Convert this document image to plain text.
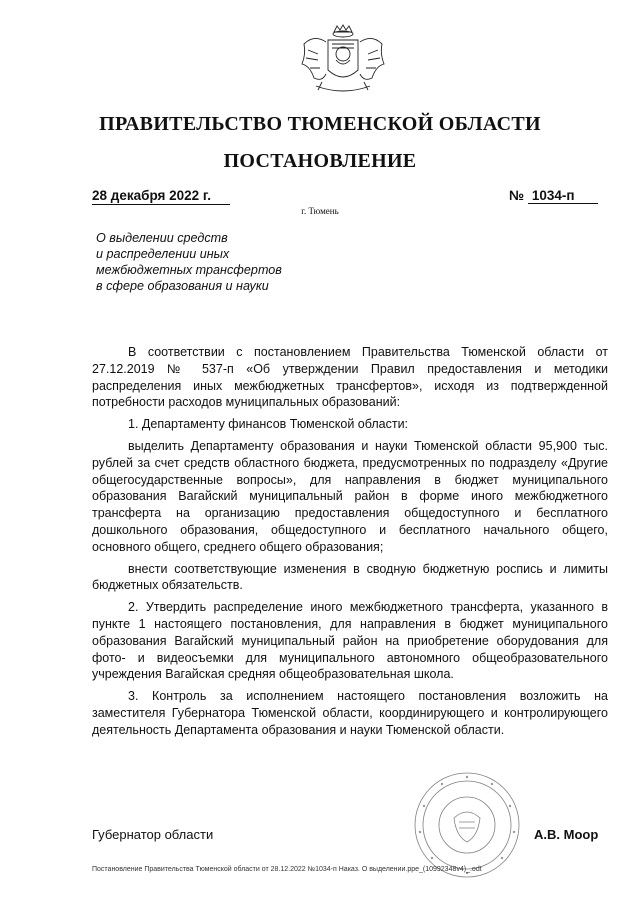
ПРАВИТЕЛЬСТВО ТЮМЕНСКОЙ ОБЛАСТИ
ПОСТАНОВЛЕНИЕ
28 декабря 2022 г.	№ 1034-п
г. Тюмень
О выделении средств
и распределении иных
межбюджетных трансфертов
в сфере образования и науки

В соответствии с постановлением Правительства Тюменской области от 27.12.2019 № 537-п «Об утверждении Правил предоставления и методики распределения иных межбюджетных трансфертов», исходя из подтвержденной потребности расходов муниципальных образований:

1. Департаменту финансов Тюменской области:

выделить Департаменту образования и науки Тюменской области 95,900 тыс. рублей за счет средств областного бюджета, предусмотренных по подразделу «Другие общегосударственные вопросы», для направления в бюджет муниципального образования Вагайский муниципальный район в форме иного межбюджетного трансферта на организацию предоставления общедоступного и бесплатного дошкольного образования, общедоступного и бесплатного начального общего, основного общего, среднего общего образования;

внести соответствующие изменения в сводную бюджетную роспись и лимиты бюджетных обязательств.

2. Утвердить распределение иного межбюджетного трансферта, указанного в пункте 1 настоящего постановления, для направления в бюджет муниципального образования Вагайский муниципальный район на приобретение оборудования для фото- и видеосъемки для муниципального автономного общеобразовательного учреждения Вагайская средняя общеобразовательная школа.

3. Контроль за исполнением настоящего постановления возложить на заместителя Губернатора Тюменской области, координирующего и контролирующего деятельность Департамента образования и науки Тюменской области.

Губернатор области	А.В. Моор
Постановление Правительства Тюменской области от 28.12.2022 №1034-п Наказ. О выделении.ppe_(10992348v4)_.odt
